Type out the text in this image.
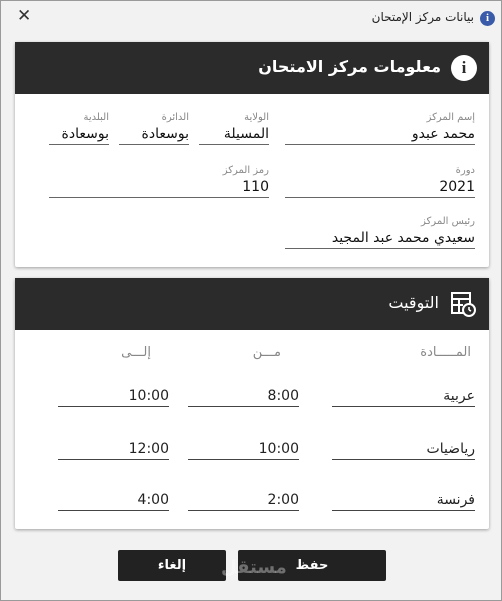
i
بيانات مركز الإمتحان
✕
i
معلومات مركز الامتحان
إسم المركز
محمد عبدو
الولاية
المسيلة
الدائرة
بوسعادة
البلدية
بوسعادة
دورة
2021
رمز المركز
110
رئيس المركز
سعيدي محمد عبد المجيد
التوقيت
المـــــادة
مـــن
إلـــى
عربية
8:00
10:00
رياضيات
10:00
12:00
فرنسة
2:00
4:00
حفظ
إلغاء	مستقل
